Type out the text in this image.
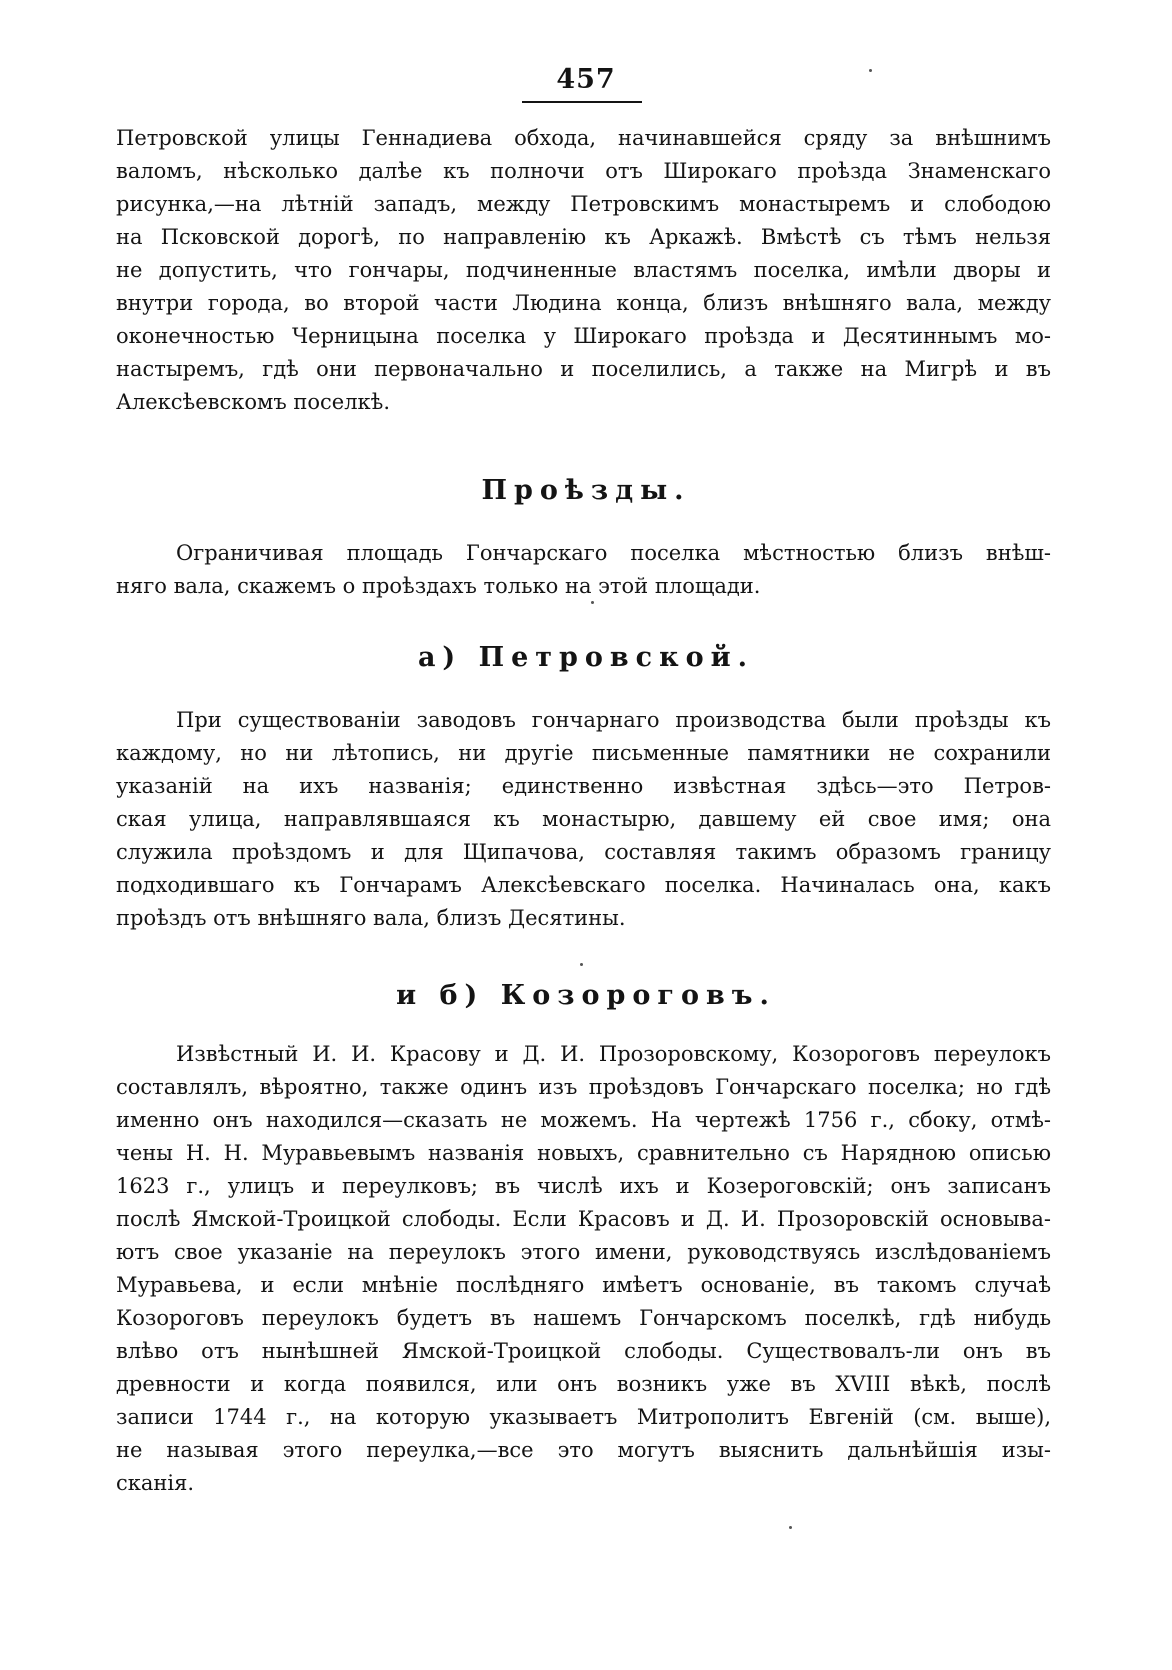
457
Петровской улицы Геннадиева обхода, начинавшейся сряду за внѣшнимъ
валомъ, нѣсколько далѣе къ полночи отъ Широкаго проѣзда Знаменскаго
рисунка,—на лѣтній западъ, между Петровскимъ монастыремъ и слободою
на Псковской дорогѣ, по направленію къ Аркажѣ. Вмѣстѣ съ тѣмъ нельзя
не допустить, что гончары, подчиненные властямъ поселка, имѣли дворы и
внутри города, во второй части Людина конца, близъ внѣшняго вала, между
оконечностью Черницына поселка у Широкаго проѣзда и Десятиннымъ мо-
настыремъ, гдѣ они первоначально и поселились, а также на Мигрѣ и въ
Алексѣевскомъ поселкѣ.
Проѣзды.
Ограничивая площадь Гончарскаго поселка мѣстностью близъ внѣш-
няго вала, скажемъ о проѣздахъ только на этой площади.
а) Петровской.
При существованіи заводовъ гончарнаго производства были проѣзды къ
каждому, но ни лѣтопись, ни другіе письменные памятники не сохранили
указаній на ихъ названія; единственно извѣстная здѣсь—это Петров-
ская улица, направлявшаяся къ монастырю, давшему ей свое имя; она
служила проѣздомъ и для Щипачова, составляя такимъ образомъ границу
подходившаго къ Гончарамъ Алексѣевскаго поселка. Начиналась она, какъ
проѣздъ отъ внѣшняго вала, близъ Десятины.
и б) Козороговъ.
Извѣстный И. И. Красову и Д. И. Прозоровскому, Козороговъ переулокъ
составлялъ, вѣроятно, также одинъ изъ проѣздовъ Гончарскаго поселка; но гдѣ
именно онъ находился—сказать не можемъ. На чертежѣ 1756 г., сбоку, отмѣ-
чены Н. Н. Муравьевымъ названія новыхъ, сравнительно съ Нарядною описью
1623 г., улицъ и переулковъ; въ числѣ ихъ и Козероговскій; онъ записанъ
послѣ Ямской-Троицкой слободы. Если Красовъ и Д. И. Прозоровскій основыва-
ютъ свое указаніе на переулокъ этого имени, руководствуясь изслѣдованіемъ
Муравьева, и если мнѣніе послѣдняго имѣетъ основаніе, въ такомъ случаѣ
Козороговъ переулокъ будетъ въ нашемъ Гончарскомъ поселкѣ, гдѣ нибудь
влѣво отъ нынѣшней Ямской-Троицкой слободы. Существовалъ-ли онъ въ
древности и когда появился, или онъ возникъ уже въ XVIII вѣкѣ, послѣ
записи 1744 г., на которую указываетъ Митрополитъ Евгеній (см. выше),
не называя этого переулка,—все это могутъ выяснить дальнѣйшія изы-
сканія.
